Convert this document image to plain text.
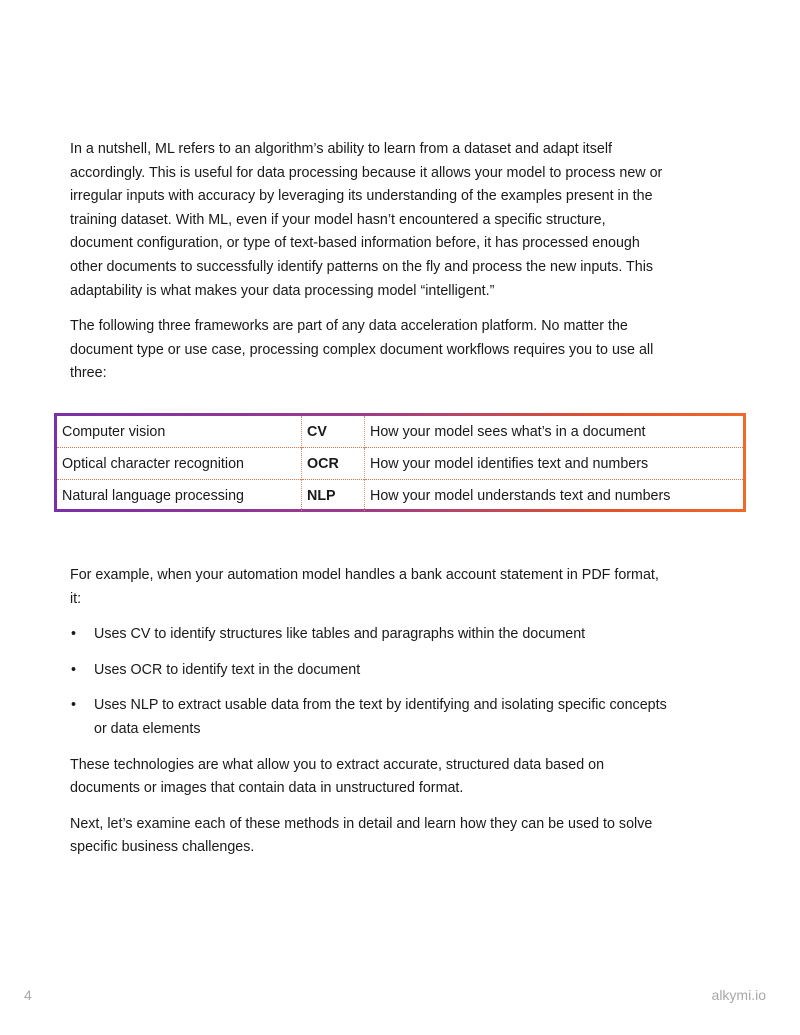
In a nutshell, ML refers to an algorithm’s ability to learn from a dataset and adapt itself accordingly. This is useful for data processing because it allows your model to process new or irregular inputs with accuracy by leveraging its understanding of the examples present in the training dataset. With ML, even if your model hasn’t encountered a specific structure, document configuration, or type of text-based information before, it has processed enough other documents to successfully identify patterns on the fly and process the new inputs. This adaptability is what makes your data processing model “intelligent.”

The following three frameworks are part of any data acceleration platform. No matter the document type or use case, processing complex document workflows requires you to use all three:

Computer vision	CV	How your model sees what’s in a document
Optical character recognition	OCR	How your model identifies text and numbers
Natural language processing	NLP	How your model understands text and numbers

For example, when your automation model handles a bank account statement in PDF format, it:

• Uses CV to identify structures like tables and paragraphs within the document
• Uses OCR to identify text in the document
• Uses NLP to extract usable data from the text by identifying and isolating specific concepts or data elements

These technologies are what allow you to extract accurate, structured data based on documents or images that contain data in unstructured format.

Next, let’s examine each of these methods in detail and learn how they can be used to solve specific business challenges.

4	alkymi.io
